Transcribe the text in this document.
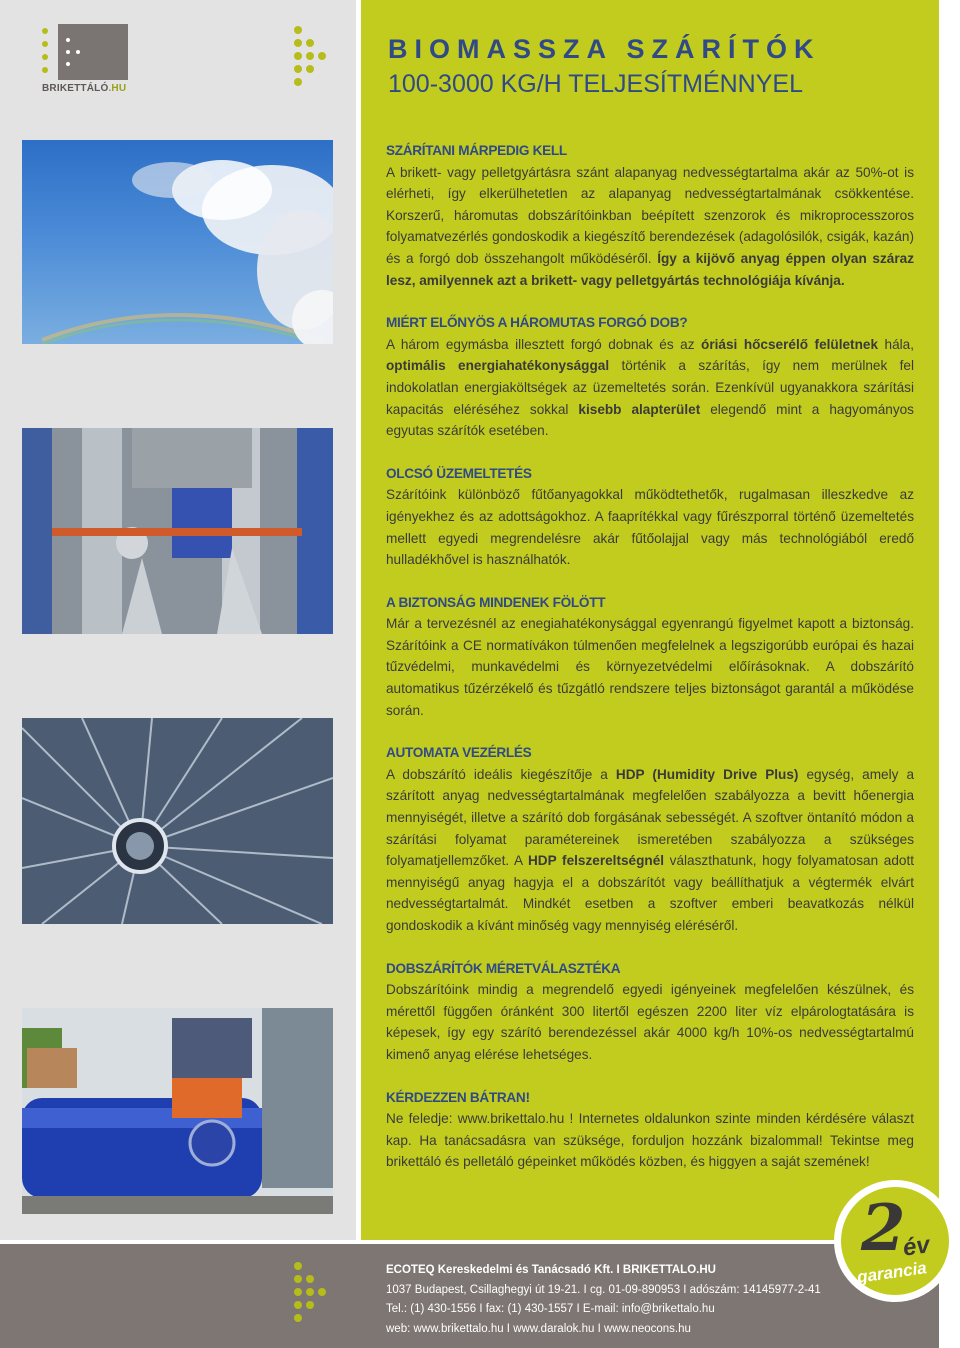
BRIKETTÁLÓ.HU
BIOMASSZA SZÁRÍTÓK
100-3000 KG/H TELJESÍTMÉNNYEL
SZÁRÍTANI MÁRPEDIG KELL

A brikett- vagy pelletgyártásra szánt alapanyag nedvességtartalma akár az 50%-ot is elérheti, így elkerülhetetlen az alapanyag nedvességtartalmának csökkentése. Korszerű, háromutas dobszárítóinkban beépített szenzorok és mikroprocesszoros folyamatvezérlés gondoskodik a kiegészítő berendezések (adagolósilók, csigák, kazán) és a forgó dob összehangolt működéséről. Így a kijövő anyag éppen olyan száraz lesz, amilyennek azt a brikett- vagy pelletgyártás technológiája kívánja.

MIÉRT ELŐNYÖS A HÁROMUTAS FORGÓ DOB?

A három egymásba illesztett forgó dobnak és az óriási hőcserélő felületnek hála, optimális energiahatékonysággal történik a szárítás, így nem merülnek fel indokolatlan energiaköltségek az üzemeltetés során. Ezenkívül ugyanakkora szárítási kapacitás eléréséhez sokkal kisebb alapterület elegendő mint a hagyományos egyutas szárítók esetében.

OLCSÓ ÜZEMELTETÉS

Szárítóink különböző fűtőanyagokkal működtethetők, rugalmasan illeszkedve az igényekhez és az adottságokhoz. A faaprítékkal vagy fűrészporral történő üzemeltetés mellett egyedi megrendelésre akár fűtőolajjal vagy más technológiából eredő hulladékhővel is használhatók.

A BIZTONSÁG MINDENEK FÖLÖTT

Már a tervezésnél az enegiahatékonysággal egyenrangú figyelmet kapott a biztonság. Szárítóink a CE normatívákon túlmenően megfelelnek a legszigorúbb európai és hazai tűzvédelmi, munkavédelmi és környezetvédelmi előírásoknak. A dobszárító automatikus tűzérzékelő és tűzgátló rendszere teljes biztonságot garantál a működése során.

AUTOMATA VEZÉRLÉS

A dobszárító ideális kiegészítője a HDP (Humidity Drive Plus) egység, amely a szárított anyag nedvességtartalmának megfelelően szabályozza a bevitt hőenergia mennyiségét, illetve a szárító dob forgásának sebességét. A szoftver öntanító módon a szárítási folyamat paramétereinek ismeretében szabályozza a szükséges folyamatjellemzőket. A HDP felszereltségnél választhatunk, hogy folyamatosan adott mennyiségű anyag hagyja el a dobszárítót vagy beállíthatjuk a végtermék elvárt nedvességtartalmát. Mindkét esetben a szoftver emberi beavatkozás nélkül gondoskodik a kívánt minőség vagy mennyiség eléréséről.

DOBSZÁRÍTÓK MÉRETVÁLASZTÉKA

Dobszárítóink mindig a megrendelő egyedi igényeinek megfelelően készülnek, és mérettől függően óránként 300 litertől egészen 2200 liter víz elpárologtatására is képesek, így egy szárító berendezéssel akár 4000 kg/h 10%-os nedvességtartalmú kimenő anyag elérése lehetséges.

KÉRDEZZEN BÁTRAN!

Ne feledje: www.brikettalo.hu ! Internetes oldalunkon szinte minden kérdésére választ kap. Ha tanácsadásra van szüksége, forduljon hozzánk bizalommal! Tekintse meg brikettáló és pelletáló gépeinket működés közben, és higgyen a saját szemének!

ECOTEQ Kereskedelmi és Tanácsadó Kft. I BRIKETTALO.HU
1037 Budapest, Csillaghegyi út 19-21. I cg. 01-09-890953 I adószám: 14145977-2-41
Tel.: (1) 430-1556 I fax: (1) 430-1557 I E-mail: info@brikettalo.hu
web: www.brikettalo.hu I www.daralok.hu I www.neocons.hu
2
év
garancia
